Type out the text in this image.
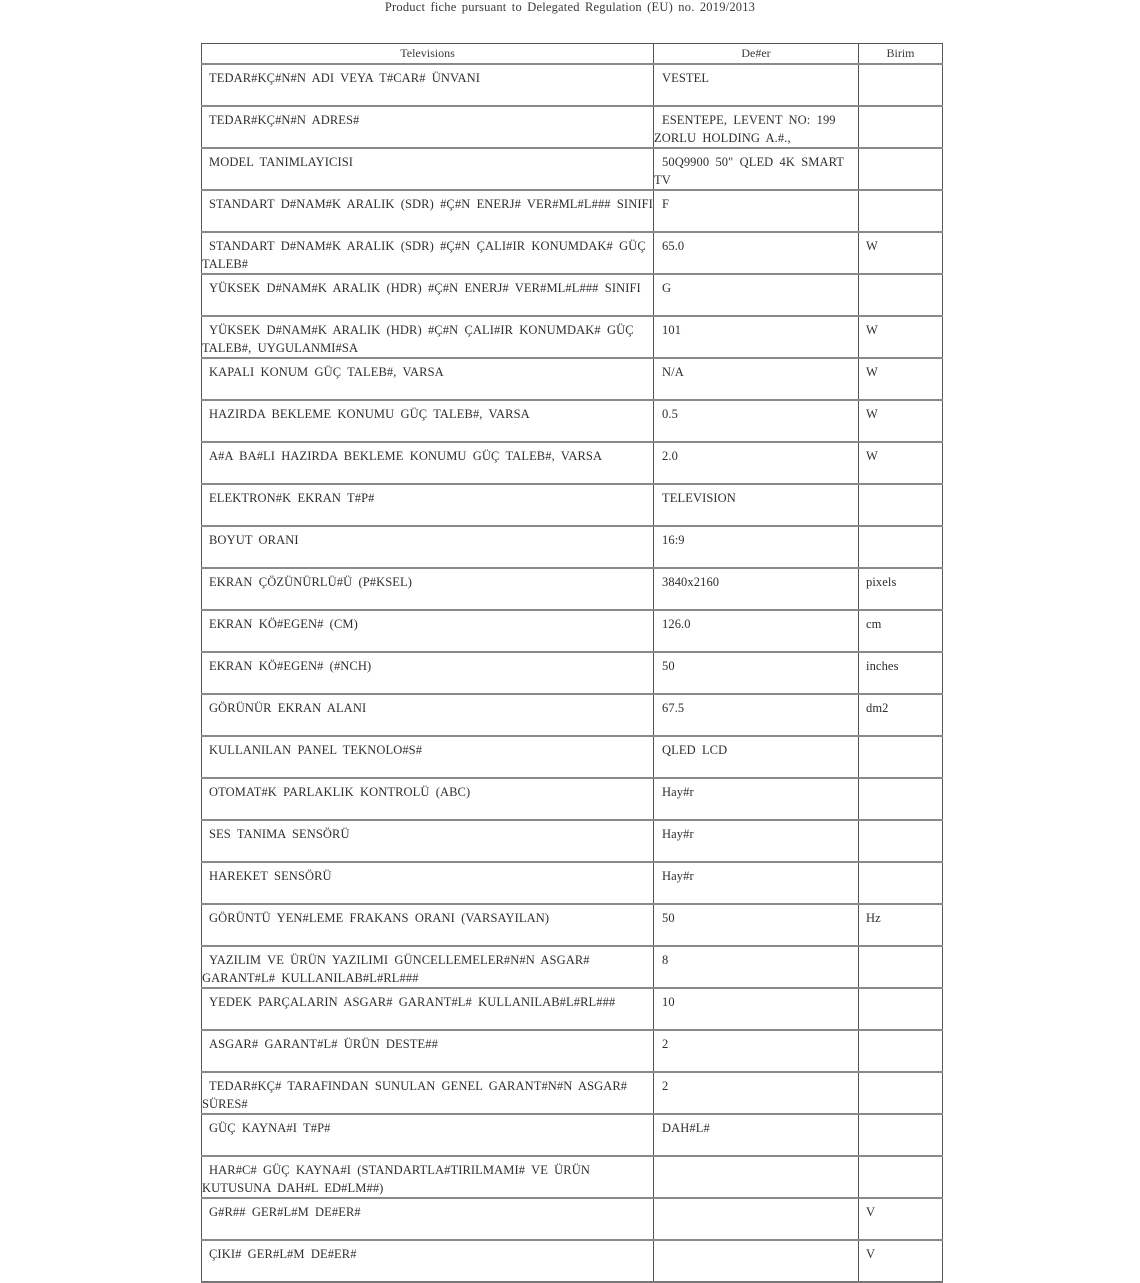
Product fiche pursuant to Delegated Regulation (EU) no. 2019/2013
Televisions	De#er	Birim
TEDAR#KÇ#N#N ADI VEYA T#CAR# ÜNVANI	VESTEL	
TEDAR#KÇ#N#N ADRES#	ESENTEPE, LEVENT NO: 199 ZORLU HOLDING A.#.,	
MODEL TANIMLAYICISI	50Q9900 50" QLED 4K SMART TV	
STANDART D#NAM#K ARALIK (SDR) #Ç#N ENERJ# VER#ML#L### SINIFI	F	
STANDART D#NAM#K ARALIK (SDR) #Ç#N ÇALI#IR KONUMDAK# GÜÇ TALEB#	65.0	W
YÜKSEK D#NAM#K ARALIK (HDR) #Ç#N ENERJ# VER#ML#L### SINIFI	G	
YÜKSEK D#NAM#K ARALIK (HDR) #Ç#N ÇALI#IR KONUMDAK# GÜÇ TALEB#, UYGULANMI#SA	101	W
KAPALI KONUM GÜÇ TALEB#, VARSA	N/A	W
HAZIRDA BEKLEME KONUMU GÜÇ TALEB#, VARSA	0.5	W
A#A BA#LI HAZIRDA BEKLEME KONUMU GÜÇ TALEB#, VARSA	2.0	W
ELEKTRON#K EKRAN T#P#	TELEVISION	
BOYUT ORANI	16:9	
EKRAN ÇÖZÜNÜRLÜ#Ü (P#KSEL)	3840x2160	pixels
EKRAN KÖ#EGEN# (CM)	126.0	cm
EKRAN KÖ#EGEN# (#NCH)	50	inches
GÖRÜNÜR EKRAN ALANI	67.5	dm2
KULLANILAN PANEL TEKNOLO#S#	QLED LCD	
OTOMAT#K PARLAKLIK KONTROLÜ (ABC)	Hay#r	
SES TANIMA SENSÖRÜ	Hay#r	
HAREKET SENSÖRÜ	Hay#r	
GÖRÜNTÜ YEN#LEME FRAKANS ORANI (VARSAYILAN)	50	Hz
YAZILIM VE ÜRÜN YAZILIMI GÜNCELLEMELER#N#N ASGAR# GARANT#L# KULLANILAB#L#RL###	8	
YEDEK PARÇALARIN ASGAR# GARANT#L# KULLANILAB#L#RL###	10	
ASGAR# GARANT#L# ÜRÜN DESTE##	2	
TEDAR#KÇ# TARAFINDAN SUNULAN GENEL GARANT#N#N ASGAR# SÜRES#	2	
GÜÇ KAYNA#I T#P#	DAH#L#	
HAR#C# GÜÇ KAYNA#I (STANDARTLA#TIRILMAMI# VE ÜRÜN KUTUSUNA DAH#L ED#LM##)		
G#R## GER#L#M DE#ER#		V
ÇIKI# GER#L#M DE#ER#		V
